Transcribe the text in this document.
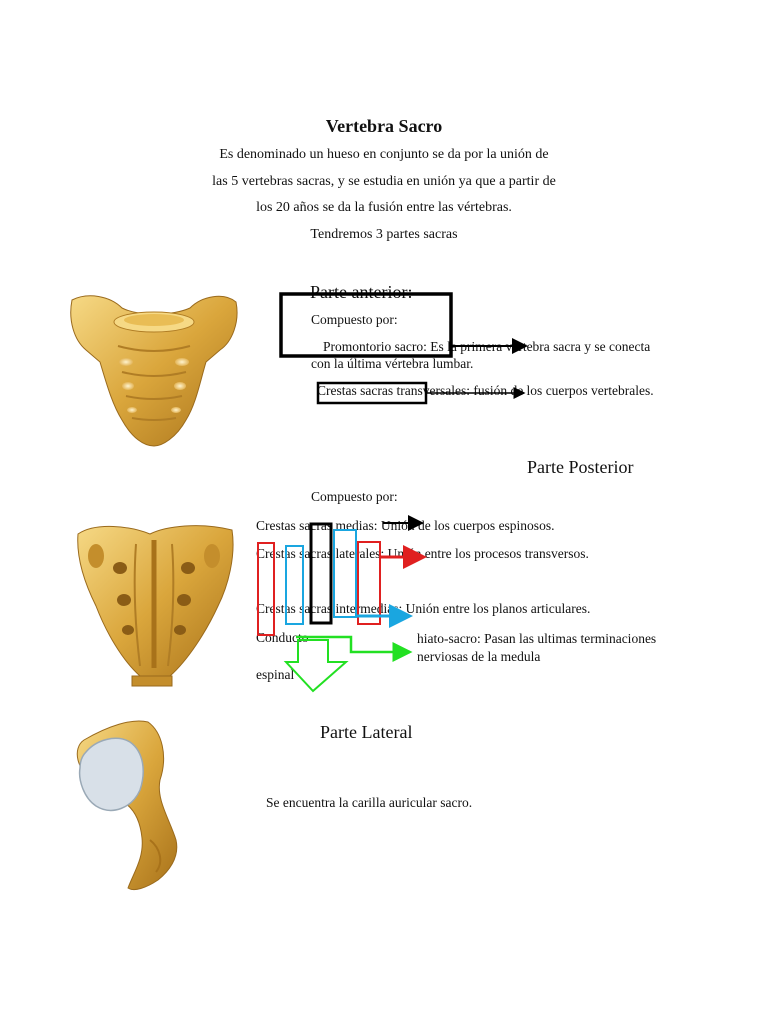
Vertebra Sacro
Es denominado un hueso en conjunto se da por la unión de
las 5 vertebras sacras, y se estudia en unión ya que a partir de
los 20 años se da la fusión entre las vértebras.
Tendremos 3 partes sacras
Parte anterior:
Compuesto por:
Promontorio sacro: Es la primera vertebra sacra y se conecta con la última vértebra lumbar.
Crestas sacras transversales: fusión de los cuerpos vertebrales.
Parte Posterior
Compuesto por:
Crestas sacras medias: Unión de los cuerpos espinosos.
Crestas sacras laterales: Unión entre los procesos transversos.
Crestas sacras intermedias: Unión entre los planos articulares.
Conducto	hiato-sacro: Pasan las ultimas terminaciones nerviosas de la medula
espinal
Parte Lateral
Se encuentra la carilla auricular sacro.
